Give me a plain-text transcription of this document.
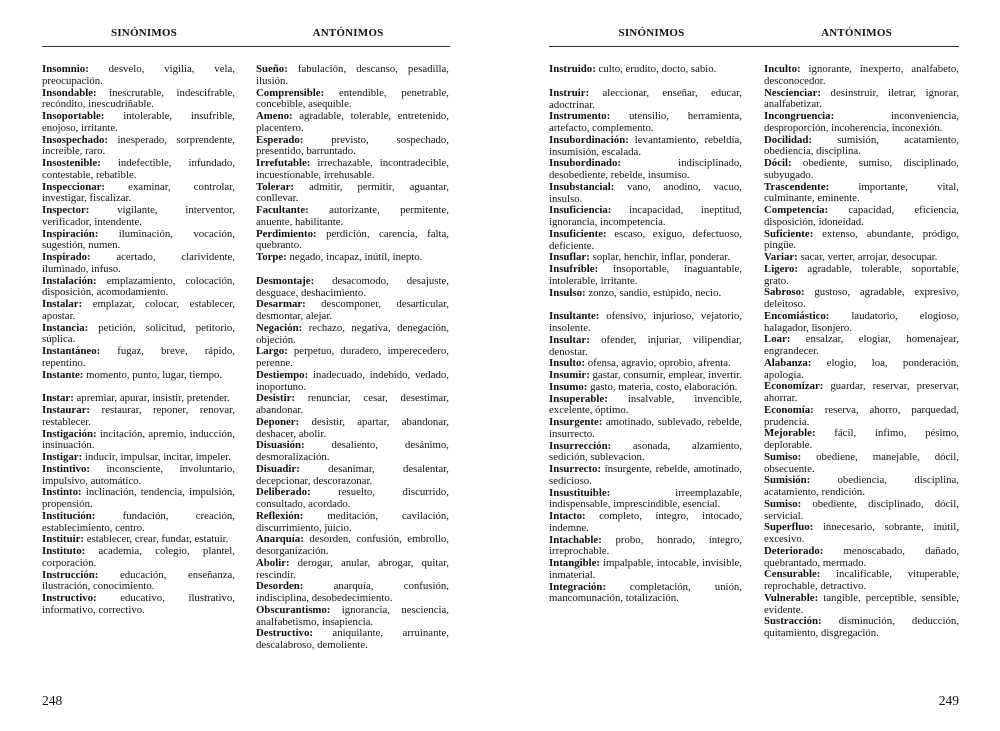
SINÓNIMOS	ANTÓNIMOS

Insomnio: desvelo, vigilia, vela, preocupación.

Insondable: inescrutable, indescifrable, recóndito, inescudriñable.

Insoportable: intolerable, insufrible, enojoso, irritante.

Insospechado: inesperado, sorprendente, increíble, raro.

Insostenible: indefectible, infundado, contestable, rebatible.

Inspeccionar: examinar, controlar, investigar, fiscalizar.

Inspector:	vigilante, interventor, verificador, intendente.

Inspiración: iluminación, vocación, sugestión, numen.

Inspirado: acertado, clarividente, iluminado, infuso.

Instalación: emplazamiento, colocación, disposición, acomodamiento.

Instalar: emplazar, colocar, establecer, apostar.

Instancia: petición, solicitud, petitorio, súplica.

Instantáneo: fugaz, breve, rápido, repentino.

Instante: momento, punto, lugar, tiempo.

Instar: apremiar, apurar, insistir, pretender.

Instaurar: restaurar, reponer, renovar, restablecer.

Instigación: incitación, apremio, inducción, insinuación.

Instigar: inducir, impulsar, incitar, impeler.

Instintivo: inconsciente, involuntario, impulsivo, automático.

Instinto: inclinación, tendencia, impulsión, propensión.

Institución:	fundación, creación, establecimiento, centro.

Instituir: establecer, crear, fundar, estatuir.

Instituto: academia, colegio, plantel, corporación.

Instrucción: educación, enseñanza, ilustración, conocimiento.

Instructivo: educativo, ilustrativo, informativo, correctivo.

Sueño: fabulación, descanso, pesadilla, ilusión.

Comprensible: entendible, penetrable, concebible, asequible.

Ameno: agradable, tolerable, entretenido, placentero.

Esperado:	previsto, sospechado, presentido, barruntado.

Irrefutable: irrechazable, incontradecible, incuestionable, irrehusable.

Tolerar: admitir, permitir, aguantar, conllevar.

Facultante: autorizante, permitente, anuente, habilitante.

Perdimiento: perdición, carencia, falta, quebranto.

Torpe: negado, incapaz, inútil, inepto.

Desmontaje: desacomodo, desajuste, desguace, deshacimiento.

Desarmar: descomponer, desarticular, desmontar, alejar.

Negación: rechazo, negativa, denegación, objeción.

Largo: perpetuo, duradero, imperecedero, perenne.

Destiempo: inadecuado, indebido, vedado, inoportuno.

Desistir: renunciar, cesar, desestimar, abandonar.

Deponer: desistir, apartar, abandonar, deshacer, abolir.

Disuasión: desaliento, desánimo, desmoralización.

Disuadir:	desanimar, desalentar, decepcionar, descorazonar.

Deliberado:	resuelto, discurrido, consultado, acordado.

Reflexión: meditación, cavilación, discurrimiento, juicio.

Anarquía: desorden, confusión, embrollo, desorganización.

Abolir: derogar, anular, abrogar, quitar, rescindir.

Desorden:	anarquía, confusión, indisciplina, desobedecimiento.

Obscurantismo: ignorancia, nesciencia, analfabetismo, insapiencia.

Destructivo: aniquilante, arruinante, descalabroso, demoliente.

248
SINÓNIMOS	ANTÓNIMOS

Instruido: culto, erudito, docto, sabio.

Instruir: aleccionar, enseñar, educar, adoctrinar.

Instrumento: utensilio, herramienta, artefacto, complemento.

Insubordinación: levantamiento, rebeldía, insumisión, escalada.

Insubordinado:	indisciplinado, desobediente, rebelde, insumiso.

Insubstancial: vano, anodino, vacuo, insulso.

Insuficiencia: incapacidad, ineptitud, ignorancia, incompetencia.

Insuficiente: escaso, exiguo, defectuoso, deficiente.

Insuflar: soplar, henchir, inflar, ponderar.

Insufrible: insoportable, inaguantable, intolerable, irritante.

Insulso: zonzo, sandio, estúpido, necio.

Insultante: ofensivo, injurioso, vejatorio, insolente.

Insultar: ofender, injuriar, vilipendiar, denostar.

Insulto: ofensa, agravio, oprobio, afrenta.

Insumir: gastar, consumir, emplear, invertir.

Insumo: gasto, materia, costo, elaboración.

Insuperable: insalvable, invencible, excelente, óptimo.

Insurgente: amotinado, sublevado, rebelde, insurrecto.

Insurrección: asonada, alzamiento, sedición, sublevacion.

Insurrecto: insurgente, rebelde, amotinado, sedicioso.

Insustituible:	irreemplazable, indispensable, imprescindible, esencial.

Intacto: completo, íntegro, intocado, indemne.

Intachable: probo, honrado, íntegro, irreprochable.

Intangible: impalpable, intocable, invisible, inmaterial.

Integración: completación, unión, mancomunación, totalización.

Inculto: ignorante, inexperto, analfabeto, desconocedor.

Nescienciar: desinstruir, iletrar, ignorar, analfabetizar.

Incongruencia:	inconveniencia, desproporción, incoherencia, inconexión.

Docilidad: sumisión, acatamiento, obediencia, disciplina.

Dócil: obediente, sumiso, disciplinado, subyugado.

Trascendente:	importante, vital, culminante, eminente.

Competencia: capacidad, eficiencia, disposición, idoneidad.

Suficiente: extenso, abundante, pródigo, pingüe.

Variar: sacar, verter, arrojar, desocupar.

Ligero: agradable, tolerable, soportable, grato.

Sabroso: gustoso, agradable, expresivo, deleitoso.

Encomiástico: laudatorio, elogioso, halagador, lisonjero.

Loar: ensalzar, elogiar, homenajear, engrandecer.

Alabanza: elogio, loa, ponderación, apología.

Economizar: guardar, reservar, preservar, ahorrar.

Economía: reserva, ahorro, parquedad, prudencia.

Mejorable: fácil, ínfimo, pésimo, deplorable.

Sumiso: obediene, manejable, dócil, obsecuente.

Sumisión:	obediencia, disciplina, acatamiento, rendición.

Sumiso: obediente, disciplinado, dócil, servicial.

Superfluo: innecesario, sobrante, inútil, excesivo.

Deteriorado: menoscabado, dañado, quebrantado, mermado.

Censurable: incalificable, vituperable, reprochable, detractivo.

Vulnerable: tangible, perceptible, sensible, evidente.

Sustracción: disminución, deducción, quitamiento, disgregación.

249
